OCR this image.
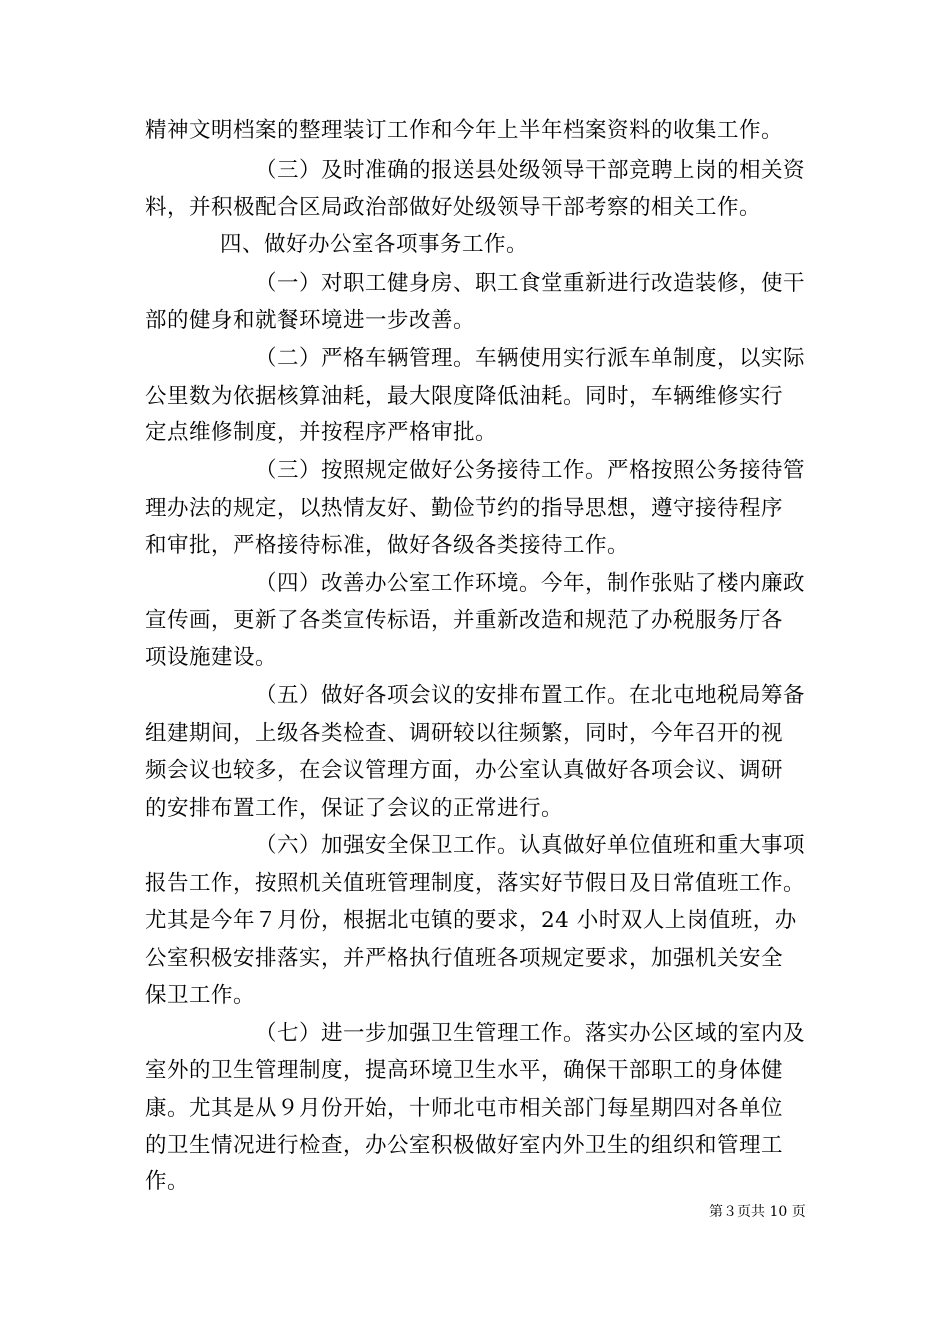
精神文明档案的整理装订工作和今年上半年档案资料的收集工作。
（三）及时准确的报送县处级领导干部竞聘上岗的相关资
料，并积极配合区局政治部做好处级领导干部考察的相关工作。
四、做好办公室各项事务工作。
（一）对职工健身房、职工食堂重新进行改造装修，使干
部的健身和就餐环境进一步改善。
（二）严格车辆管理。车辆使用实行派车单制度，以实际
公里数为依据核算油耗，最大限度降低油耗。同时，车辆维修实行
定点维修制度，并按程序严格审批。
（三）按照规定做好公务接待工作。严格按照公务接待管
理办法的规定，以热情友好、勤俭节约的指导思想，遵守接待程序
和审批，严格接待标准，做好各级各类接待工作。
（四）改善办公室工作环境。今年，制作张贴了楼内廉政
宣传画，更新了各类宣传标语，并重新改造和规范了办税服务厅各
项设施建设。
（五）做好各项会议的安排布置工作。在北屯地税局筹备
组建期间，上级各类检查、调研较以往频繁，同时，今年召开的视
频会议也较多，在会议管理方面，办公室认真做好各项会议、调研
的安排布置工作，保证了会议的正常进行。
（六）加强安全保卫工作。认真做好单位值班和重大事项
报告工作，按照机关值班管理制度，落实好节假日及日常值班工作。
尤其是今年７月份，根据北屯镇的要求，24 小时双人上岗值班，办
公室积极安排落实，并严格执行值班各项规定要求，加强机关安全
保卫工作。
（七）进一步加强卫生管理工作。落实办公区域的室内及
室外的卫生管理制度，提高环境卫生水平，确保干部职工的身体健
康。尤其是从９月份开始，十师北屯市相关部门每星期四对各单位
的卫生情况进行检查，办公室积极做好室内外卫生的组织和管理工
作。
第３页共 10 页
